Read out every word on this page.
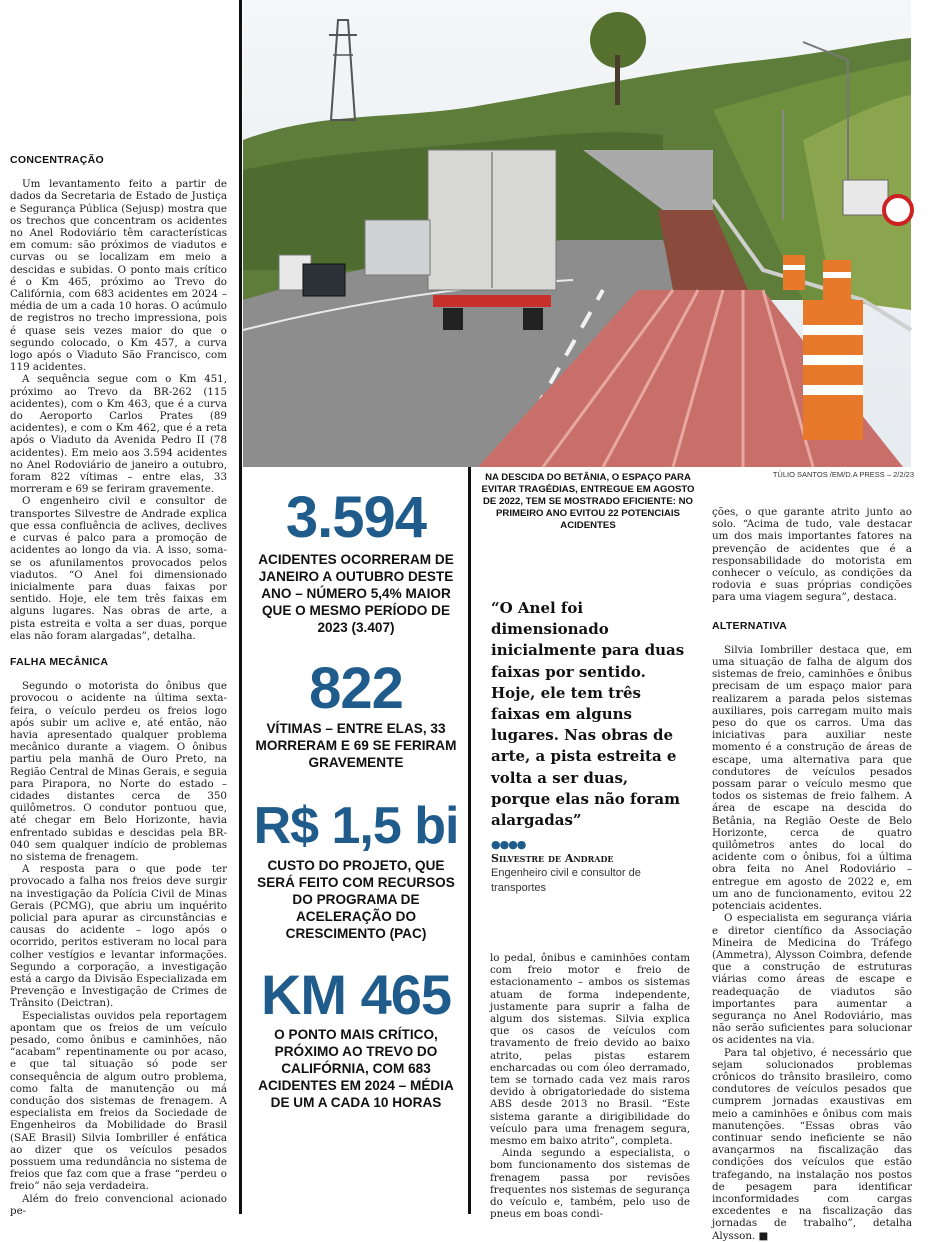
CONCENTRAÇÃO

Um levantamento feito a partir de dados da Secretaria de Estado de Justiça e Segurança Pública (Sejusp) mostra que os trechos que concentram os acidentes no Anel Rodoviário têm características em comum: são próximos de viadutos e curvas ou se localizam em meio a descidas e subidas. O ponto mais crítico é o Km 465, próximo ao Trevo do Califórnia, com 683 acidentes em 2024 – média de um a cada 10 horas. O acúmulo de registros no trecho impressiona, pois é quase seis vezes maior do que o segundo colocado, o Km 457, a curva logo após o Viaduto São Francisco, com 119 acidentes.

A sequência segue com o Km 451, próximo ao Trevo da BR-262 (115 acidentes), com o Km 463, que é a curva do Aeroporto Carlos Prates (89 acidentes), e com o Km 462, que é a reta após o Viaduto da Avenida Pedro II (78 acidentes). Em meio aos 3.594 acidentes no Anel Rodoviário de janeiro a outubro, foram 822 vítimas – entre elas, 33 morreram e 69 se feriram gravemente.

O engenheiro civil e consultor de transportes Silvestre de Andrade explica que essa confluência de aclives, declives e curvas é palco para a promoção de acidentes ao longo da via. A isso, soma-se os afunilamentos provocados pelos viadutos. “O Anel foi dimensionado inicialmente para duas faixas por sentido. Hoje, ele tem três faixas em alguns lugares. Nas obras de arte, a pista estreita e volta a ser duas, porque elas não foram alargadas”, detalha.

FALHA MECÂNICA

Segundo o motorista do ônibus que provocou o acidente na última sexta-feira, o veículo perdeu os freios logo após subir um aclive e, até então, não havia apresentado qualquer problema mecânico durante a viagem. O ônibus partiu pela manhã de Ouro Preto, na Região Central de Minas Gerais, e seguia para Pirapora, no Norte do estado – cidades distantes cerca de 350 quilômetros. O condutor pontuou que, até chegar em Belo Horizonte, havia enfrentado subidas e descidas pela BR-040 sem qualquer indício de problemas no sistema de frenagem.

A resposta para o que pode ter provocado a falha nos freios deve surgir na investigação da Polícia Civil de Minas Gerais (PCMG), que abriu um inquérito policial para apurar as circunstâncias e causas do acidente – logo após o ocorrido, peritos estiveram no local para colher vestígios e levantar informações. Segundo a corporação, a investigação está a cargo da Divisão Especializada em Prevenção e Investigação de Crimes de Trânsito (Deictran).

Especialistas ouvidos pela reportagem apontam que os freios de um veículo pesado, como ônibus e caminhões, não “acabam” repentinamente ou por acaso, e que tal situação só pode ser consequência de algum outro problema, como falta de manutenção ou má condução dos sistemas de frenagem. A especialista em freios da Sociedade de Engenheiros da Mobilidade do Brasil (SAE Brasil) Silvia Iombriller é enfática ao dizer que os veículos pesados possuem uma redundância no sistema de freios que faz com que a frase “perdeu o freio” não seja verdadeira.

Além do freio convencional acionado pe-

TÚLIO SANTOS /EM/D.A PRESS – 2/2/23
NA DESCIDA DO BETÂNIA, O ESPAÇO PARA EVITAR TRAGÉDIAS, ENTREGUE EM AGOSTO DE 2022, TEM SE MOSTRADO EFICIENTE: NO PRIMEIRO ANO EVITOU 22 POTENCIAIS ACIDENTES
3.594
ACIDENTES OCORRERAM DE JANEIRO A OUTUBRO DESTE ANO – NÚMERO 5,4% MAIOR QUE O MESMO PERÍODO DE 2023 (3.407)
822
VÍTIMAS – ENTRE ELAS, 33 MORRERAM E 69 SE FERIRAM GRAVEMENTE
R$ 1,5 bi
CUSTO DO PROJETO, QUE SERÁ FEITO COM RECURSOS DO PROGRAMA DE ACELERAÇÃO DO CRESCIMENTO (PAC)
KM 465
O PONTO MAIS CRÍTICO, PRÓXIMO AO TREVO DO CALIFÓRNIA, COM 683 ACIDENTES EM 2024 – MÉDIA DE UM A CADA 10 HORAS
“O Anel foi dimensionado inicialmente para duas faixas por sentido. Hoje, ele tem três faixas em alguns lugares. Nas obras de arte, a pista estreita e volta a ser duas, porque elas não foram alargadas”
●●●●
Silvestre de Andrade
Engenheiro civil e consultor de transportes

lo pedal, ônibus e caminhões contam com freio motor e freio de estacionamento – ambos os sistemas atuam de forma independente, justamente para suprir a falha de algum dos sistemas. Silvia explica que os casos de veículos com travamento de freio devido ao baixo atrito, pelas pistas estarem encharcadas ou com óleo derramado, tem se tornado cada vez mais raros devido à obrigatoriedade do sistema ABS desde 2013 no Brasil. “Este sistema garante a dirigibilidade do veículo para uma frenagem segura, mesmo em baixo atrito”, completa.

Ainda segundo a especialista, o bom funcionamento dos sistemas de frenagem passa por revisões frequentes nos sistemas de segurança do veículo e, também, pelo uso de pneus em boas condi-

ções, o que garante atrito junto ao solo. “Acima de tudo, vale destacar um dos mais importantes fatores na prevenção de acidentes que é a responsabilidade do motorista em conhecer o veículo, as condições da rodovia e suas próprias condições para uma viagem segura”, destaca.

ALTERNATIVA

Silvia Iombriller destaca que, em uma situação de falha de algum dos sistemas de freio, caminhões e ônibus precisam de um espaço maior para realizarem a parada pelos sistemas auxiliares, pois carregam muito mais peso do que os carros. Uma das iniciativas para auxiliar neste momento é a construção de áreas de escape, uma alternativa para que condutores de veículos pesados possam parar o veículo mesmo que todos os sistemas de freio falhem. A área de escape na descida do Betânia, na Região Oeste de Belo Horizonte, cerca de quatro quilômetros antes do local do acidente com o ônibus, foi a última obra feita no Anel Rodoviário – entregue em agosto de 2022 e, em um ano de funcionamento, evitou 22 potenciais acidentes.

O especialista em segurança viária e diretor científico da Associação Mineira de Medicina do Tráfego (Ammetra), Alysson Coimbra, defende que a construção de estruturas viárias como áreas de escape e readequação de viadutos são importantes para aumentar a segurança no Anel Rodoviário, mas não serão suficientes para solucionar os acidentes na via.

Para tal objetivo, é necessário que sejam solucionados problemas crônicos do trânsito brasileiro, como condutores de veículos pesados que cumprem jornadas exaustivas em meio a caminhões e ônibus com mais manutenções. “Essas obras vão continuar sendo ineficiente se não avançarmos na fiscalização das condições dos veículos que estão trafegando, na instalação nos postos de pesagem para identificar inconformidades com cargas excedentes e na fiscalização das jornadas de trabalho”, detalha Alysson. ■
